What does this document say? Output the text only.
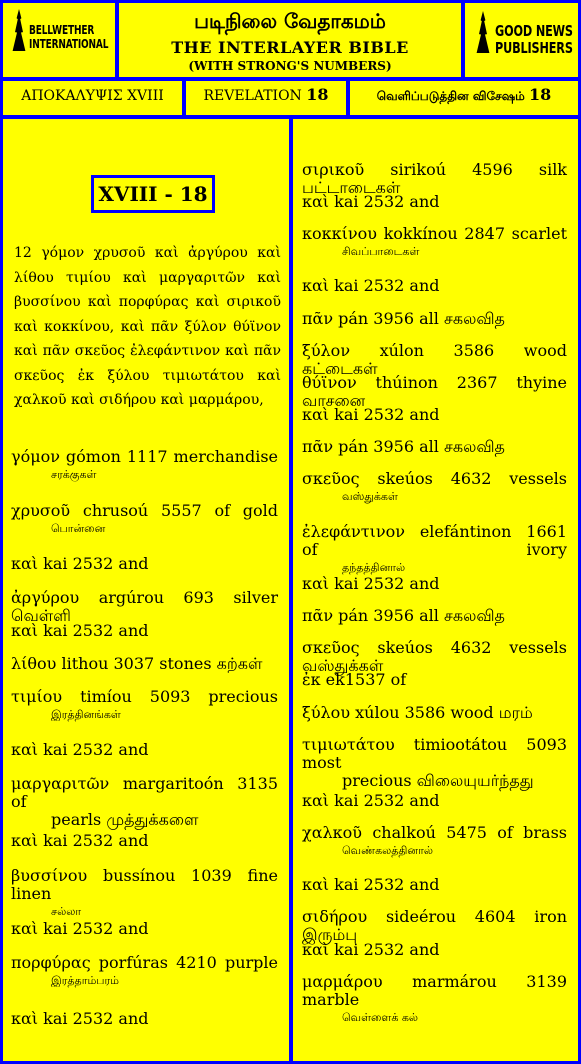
BELLWETHER
INTERNATIONAL
படிநிலை வேதாகமம்
THE INTERLAYER BIBLE
(WITH STRONG'S NUMBERS)
GOOD NEWS
PUBLISHERS
ΑΠΟΚΑΛΥΨΙΣ XVIII	REVELATION 18	வெளிப்படுத்தின விசேஷம் 18
XVIII - 18
12 γόμον χρυσοῦ καὶ ἀργύρου καὶ λίθου τιμίου καὶ μαργαριτῶν καὶ βυσσίνου καὶ πορφύρας καὶ σιρικοῦ καὶ κοκκίνου, καὶ πᾶν ξύλον θύϊνον καὶ πᾶν σκεῦος ἐλεφάντινον καὶ πᾶν σκεῦος ἐκ ξύλου τιμιωτάτου καὶ χαλκοῦ καὶ σιδήρου καὶ μαρμάρου,
γόμον gómon 1117 merchandise
சரக்குகள்
χρυσοῦ chrusoú 5557 of gold
பொன்னை
καὶ kai 2532 and
ἀργύρου argúrou 693 silver வெள்ளி
καὶ kai 2532 and
λίθου lithou 3037 stones கற்கள்
τιμίου timíou 5093 precious
இரத்தினங்கள்
καὶ kai 2532 and
μαργαριτῶν margaritoón 3135 of
pearls முத்துக்களை
καὶ kai 2532 and
βυσσίνου bussínou 1039 fine linen
சல்லா
καὶ kai 2532 and
πορφύρας porfúras 4210 purple
இரத்தாம்பரம்
καὶ kai 2532 and
σιρικοῦ sirikoú 4596 silk பட்டாடைகள்
καὶ kai 2532 and
κοκκίνου kokkínou 2847 scarlet
சிவப்பாடைகள்
καὶ kai 2532 and
πᾶν pán 3956 all சகலவித
ξύλον xúlon 3586 wood கட்டைகள்
θύϊνον thúinon 2367 thyine வாசனை
καὶ kai 2532 and
πᾶν pán 3956 all சகலவித
σκεῦος skeúos 4632 vessels
வஸ்துக்கள்
ἐλεφάντινον elefántinon 1661 of ivory
தந்தத்தினால்
καὶ kai 2532 and
πᾶν pán 3956 all சகலவித
σκεῦος skeúos 4632 vessels வஸ்துக்கள்
ἐκ ek1537 of
ξύλου xúlou 3586 wood மரம்
τιμιωτάτου timiootátou 5093 most
precious விலையுயர்ந்தது
καὶ kai 2532 and
χαλκοῦ chalkoú 5475 of brass
வெண்கலத்தினால்
καὶ kai 2532 and
σιδήρου sideérou 4604 iron இரும்பு
καὶ kai 2532 and
μαρμάρου marmárou 3139 marble
வெள்ளைக் கல்
